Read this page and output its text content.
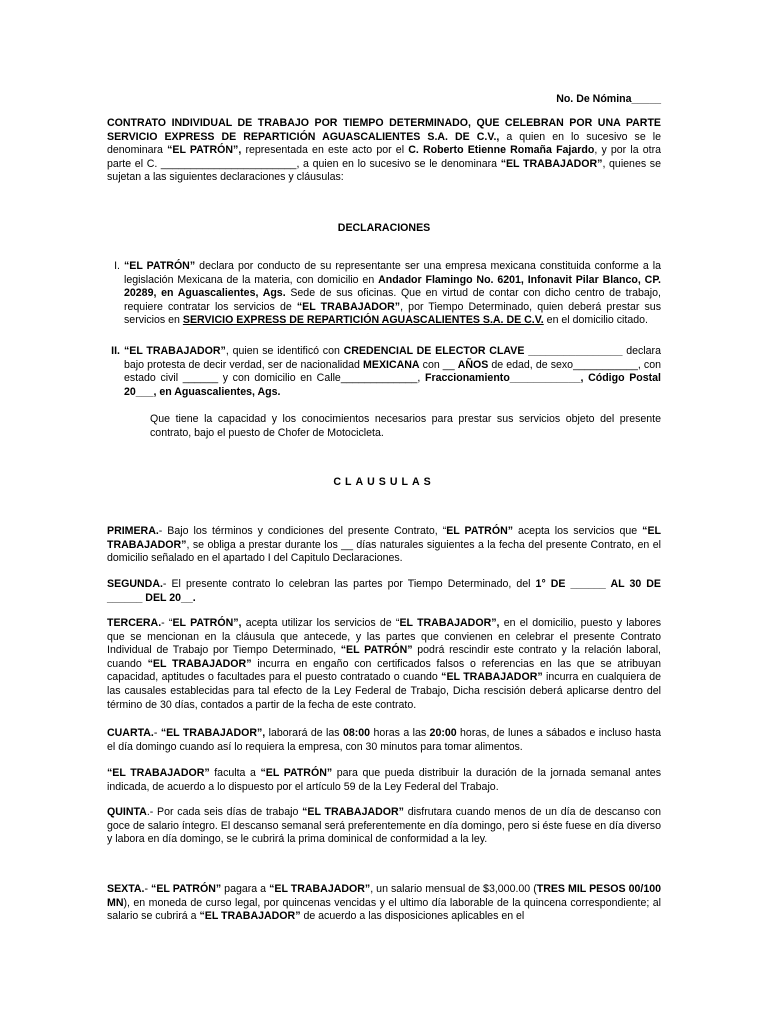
No. De Nómina_____

CONTRATO INDIVIDUAL DE TRABAJO POR TIEMPO DETERMINADO, QUE CELEBRAN POR UNA PARTE SERVICIO EXPRESS DE REPARTICIÓN AGUASCALIENTES S.A. DE C.V., a quien en lo sucesivo se le denominara “EL PATRÓN”, representada en este acto por el C. Roberto Etienne Romaña Fajardo, y por la otra parte el C. _______________________, a quien en lo sucesivo se le denominara “EL TRABAJADOR”, quienes se sujetan a las siguientes declaraciones y cláusulas:

DECLARACIONES

I. “EL PATRÓN” declara por conducto de su representante ser una empresa mexicana constituida conforme a la legislación Mexicana de la materia, con domicilio en Andador Flamingo No. 6201, Infonavit Pilar Blanco, CP. 20289, en Aguascalientes, Ags. Sede de sus oficinas. Que en virtud de contar con dicho centro de trabajo, requiere contratar los servicios de “EL TRABAJADOR”, por Tiempo Determinado, quien deberá prestar sus servicios en SERVICIO EXPRESS DE REPARTICIÓN AGUASCALIENTES S.A. DE C.V. en el domicilio citado.

II. “EL TRABAJADOR”, quien se identificó con CREDENCIAL DE ELECTOR CLAVE ________________ declara bajo protesta de decir verdad, ser de nacionalidad MEXICANA con __ AÑOS de edad, de sexo___________, con estado civil ______ y con domicilio en Calle_____________, Fraccionamiento____________, Código Postal 20___, en Aguascalientes, Ags.

Que tiene la capacidad y los conocimientos necesarios para prestar sus servicios objeto del presente contrato, bajo el puesto de Chofer de Motocicleta.

CLAUSULAS

PRIMERA.- Bajo los términos y condiciones del presente Contrato, “EL PATRÓN” acepta los servicios que “EL TRABAJADOR”, se obliga a prestar durante los __ días naturales siguientes a la fecha del presente Contrato, en el domicilio señalado en el apartado I del Capitulo Declaraciones.

SEGUNDA.- El presente contrato lo celebran las partes por Tiempo Determinado, del 1° DE ______ AL 30 DE ______ DEL 20__.

TERCERA.- “EL PATRÓN”, acepta utilizar los servicios de “EL TRABAJADOR”, en el domicilio, puesto y labores que se mencionan en la cláusula que antecede, y las partes que convienen en celebrar el presente Contrato Individual de Trabajo por Tiempo Determinado, “EL PATRÓN” podrá rescindir este contrato y la relación laboral, cuando “EL TRABAJADOR” incurra en engaño con certificados falsos o referencias en las que se atribuyan capacidad, aptitudes o facultades para el puesto contratado o cuando “EL TRABAJADOR” incurra en cualquiera de las causales establecidas para tal efecto de la Ley Federal de Trabajo, Dicha rescisión deberá aplicarse dentro del término de 30 días, contados a partir de la fecha de este contrato.

CUARTA.- “EL TRABAJADOR”, laborará de las 08:00 horas a las 20:00 horas, de lunes a sábados e incluso hasta el día domingo cuando así lo requiera la empresa, con 30 minutos para tomar alimentos.

“EL TRABAJADOR” faculta a “EL PATRÓN” para que pueda distribuir la duración de la jornada semanal antes indicada, de acuerdo a lo dispuesto por el artículo 59 de la Ley Federal del Trabajo.

QUINTA.- Por cada seis días de trabajo “EL TRABAJADOR” disfrutara cuando menos de un día de descanso con goce de salario íntegro. El descanso semanal será preferentemente en día domingo, pero si éste fuese en día diverso y labora en día domingo, se le cubrirá la prima dominical de conformidad a la ley.

SEXTA.- “EL PATRÓN” pagara a “EL TRABAJADOR”, un salario mensual de $3,000.00 (TRES MIL PESOS 00/100 MN), en moneda de curso legal, por quincenas vencidas y el ultimo día laborable de la quincena correspondiente; al salario se cubrirá a “EL TRABAJADOR” de acuerdo a las disposiciones aplicables en el
